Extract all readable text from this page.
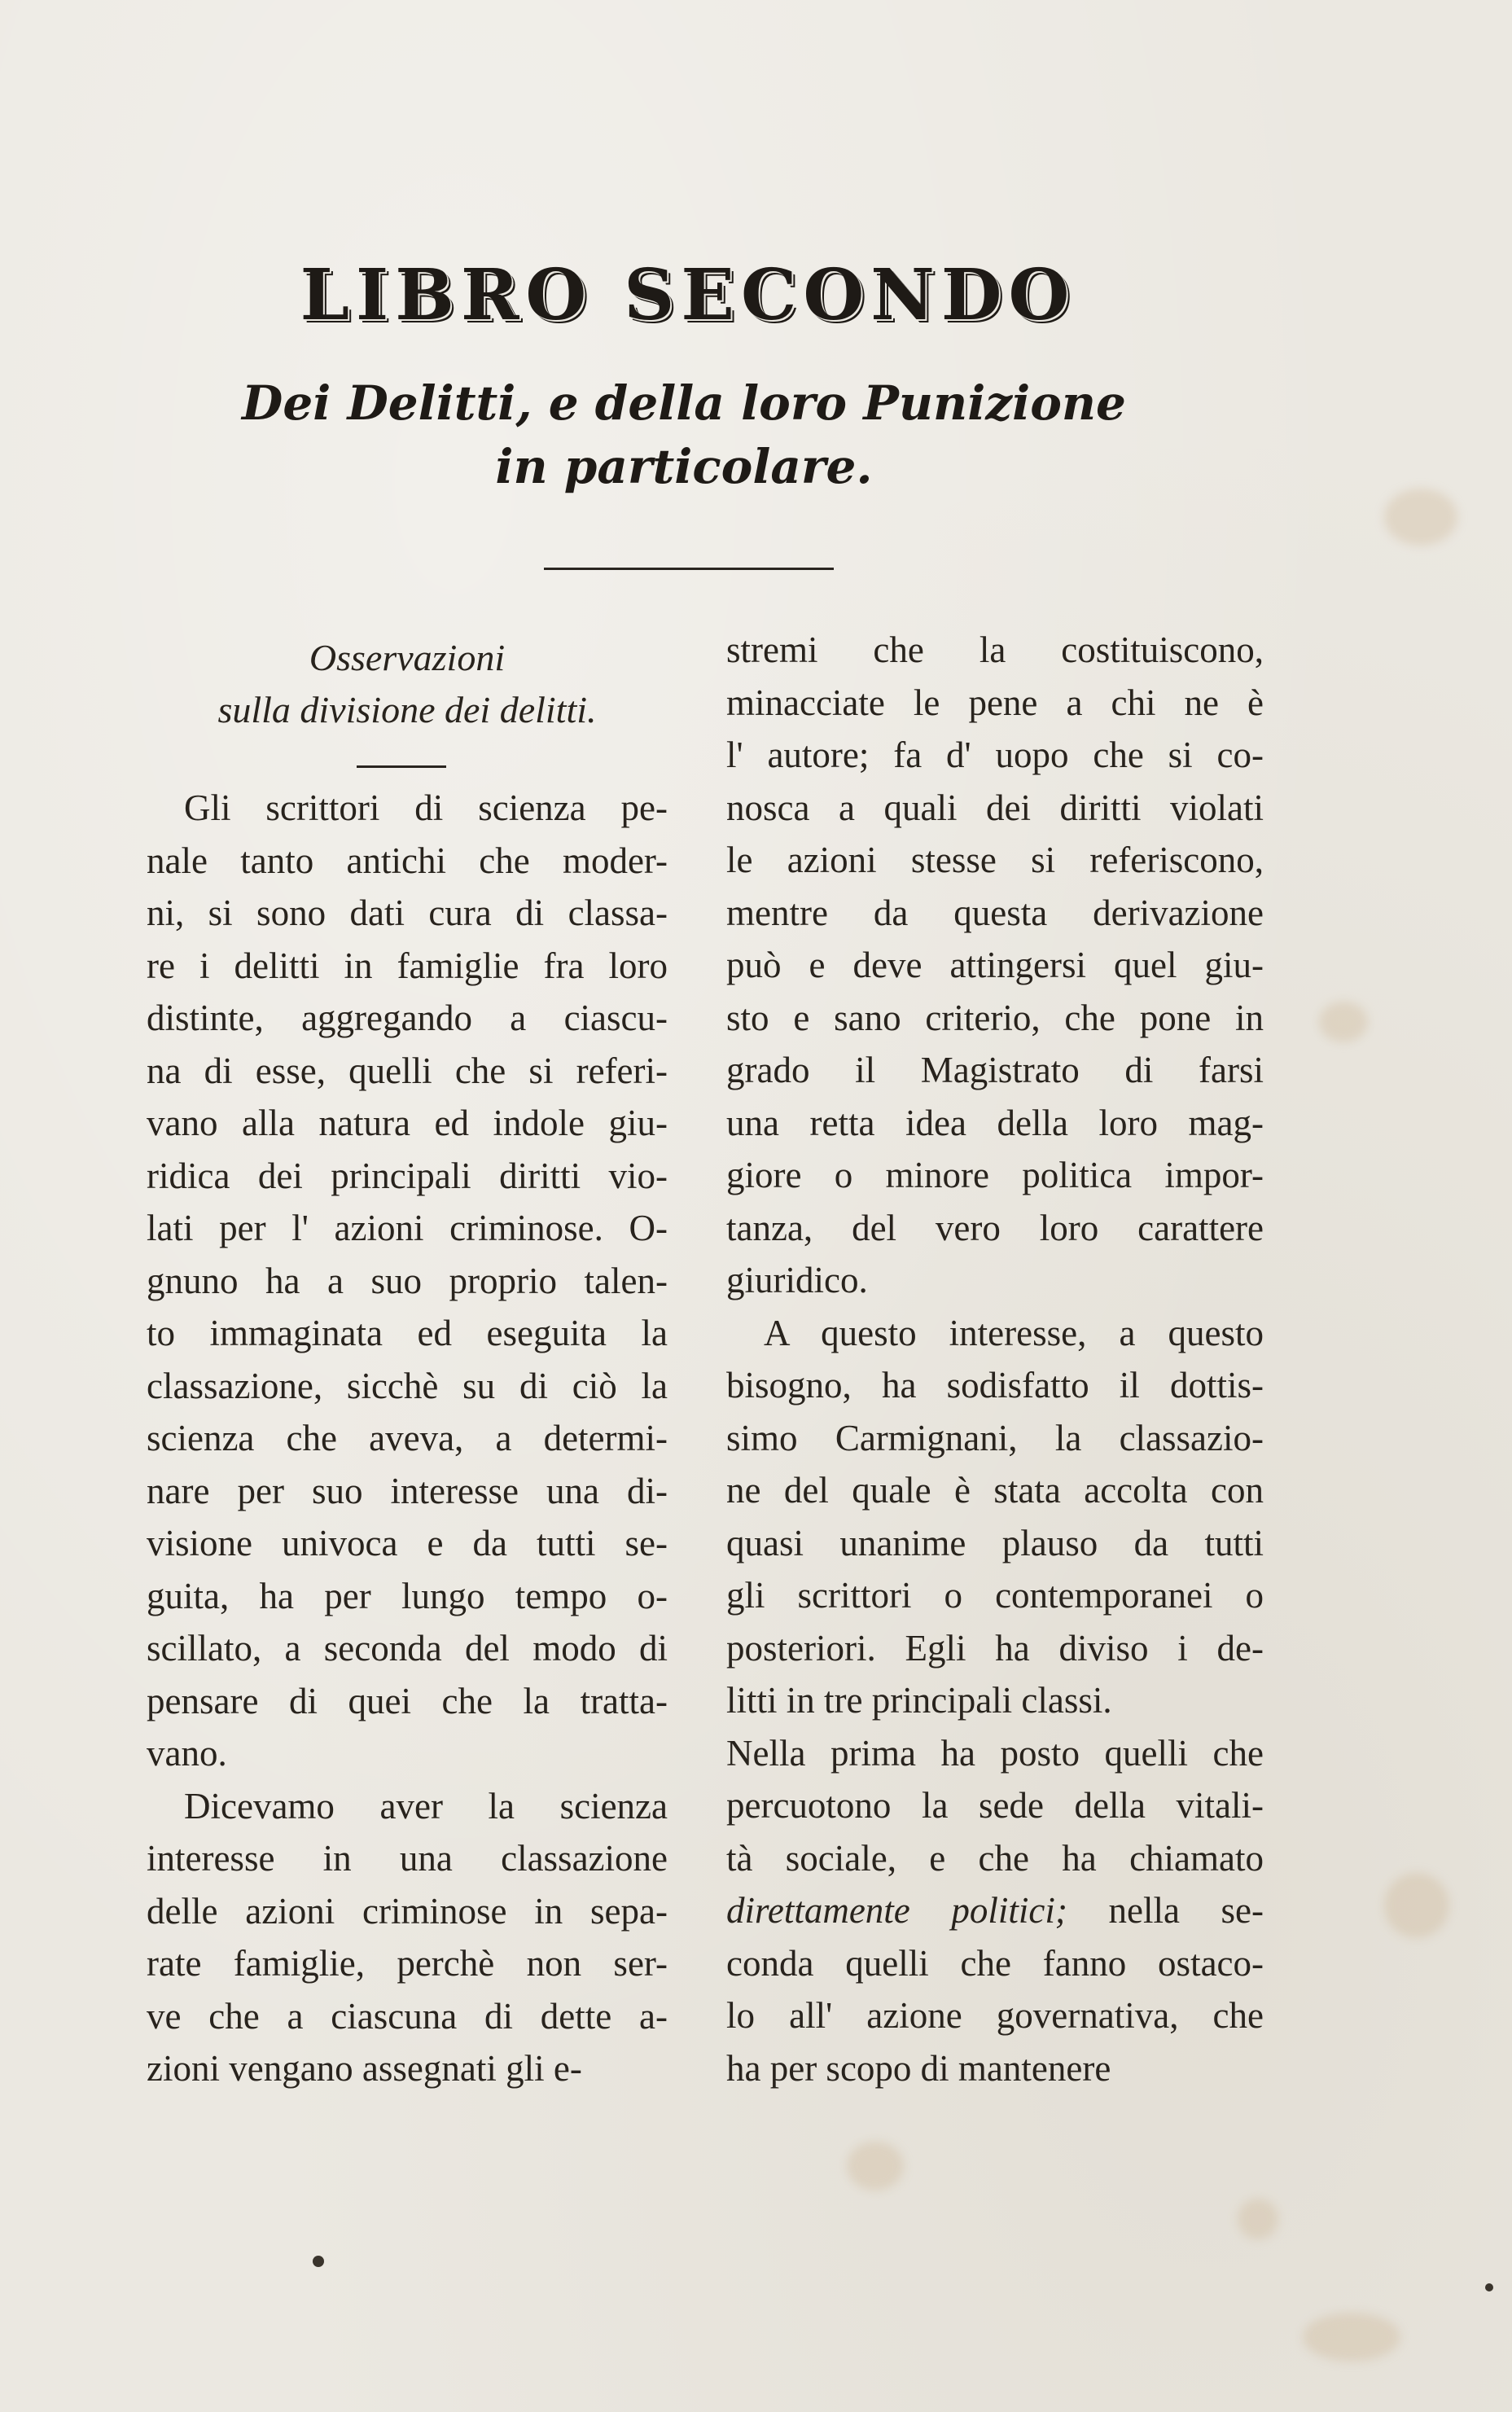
LIBRO SECONDO
Dei Delitti, e della loro Punizione
in particolare.
Osservazioni
sulla divisione dei delitti.
Gli scrittori di scienza pe-
nale tanto antichi che moder-
ni, si sono dati cura di classa-
re i delitti in famiglie fra loro
distinte, aggregando a ciascu-
na di esse, quelli che si referi-
vano alla natura ed indole giu-
ridica dei principali diritti vio-
lati per l' azioni criminose. O-
gnuno ha a suo proprio talen-
to immaginata ed eseguita la
classazione, sicchè su di ciò la
scienza che aveva, a determi-
nare per suo interesse una di-
visione univoca e da tutti se-
guita, ha per lungo tempo o-
scillato, a seconda del modo di
pensare di quei che la tratta-
vano.
Dicevamo aver la scienza
interesse in una classazione
delle azioni criminose in sepa-
rate famiglie, perchè non ser-
ve che a ciascuna di dette a-
zioni vengano assegnati gli e-
stremi che la costituiscono,
minacciate le pene a chi ne è
l' autore; fa d' uopo che si co-
nosca a quali dei diritti violati
le azioni stesse si referiscono,
mentre da questa derivazione
può e deve attingersi quel giu-
sto e sano criterio, che pone in
grado il Magistrato di farsi
una retta idea della loro mag-
giore o minore politica impor-
tanza, del vero loro carattere
giuridico.
A questo interesse, a questo
bisogno, ha sodisfatto il dottis-
simo Carmignani, la classazio-
ne del quale è stata accolta con
quasi unanime plauso da tutti
gli scrittori o contemporanei o
posteriori. Egli ha diviso i de-
litti in tre principali classi.
Nella prima ha posto quelli che
percuotono la sede della vitali-
tà sociale, e che ha chiamato
direttamente politici; nella se-
conda quelli che fanno ostaco-
lo all' azione governativa, che
ha per scopo di mantenere
